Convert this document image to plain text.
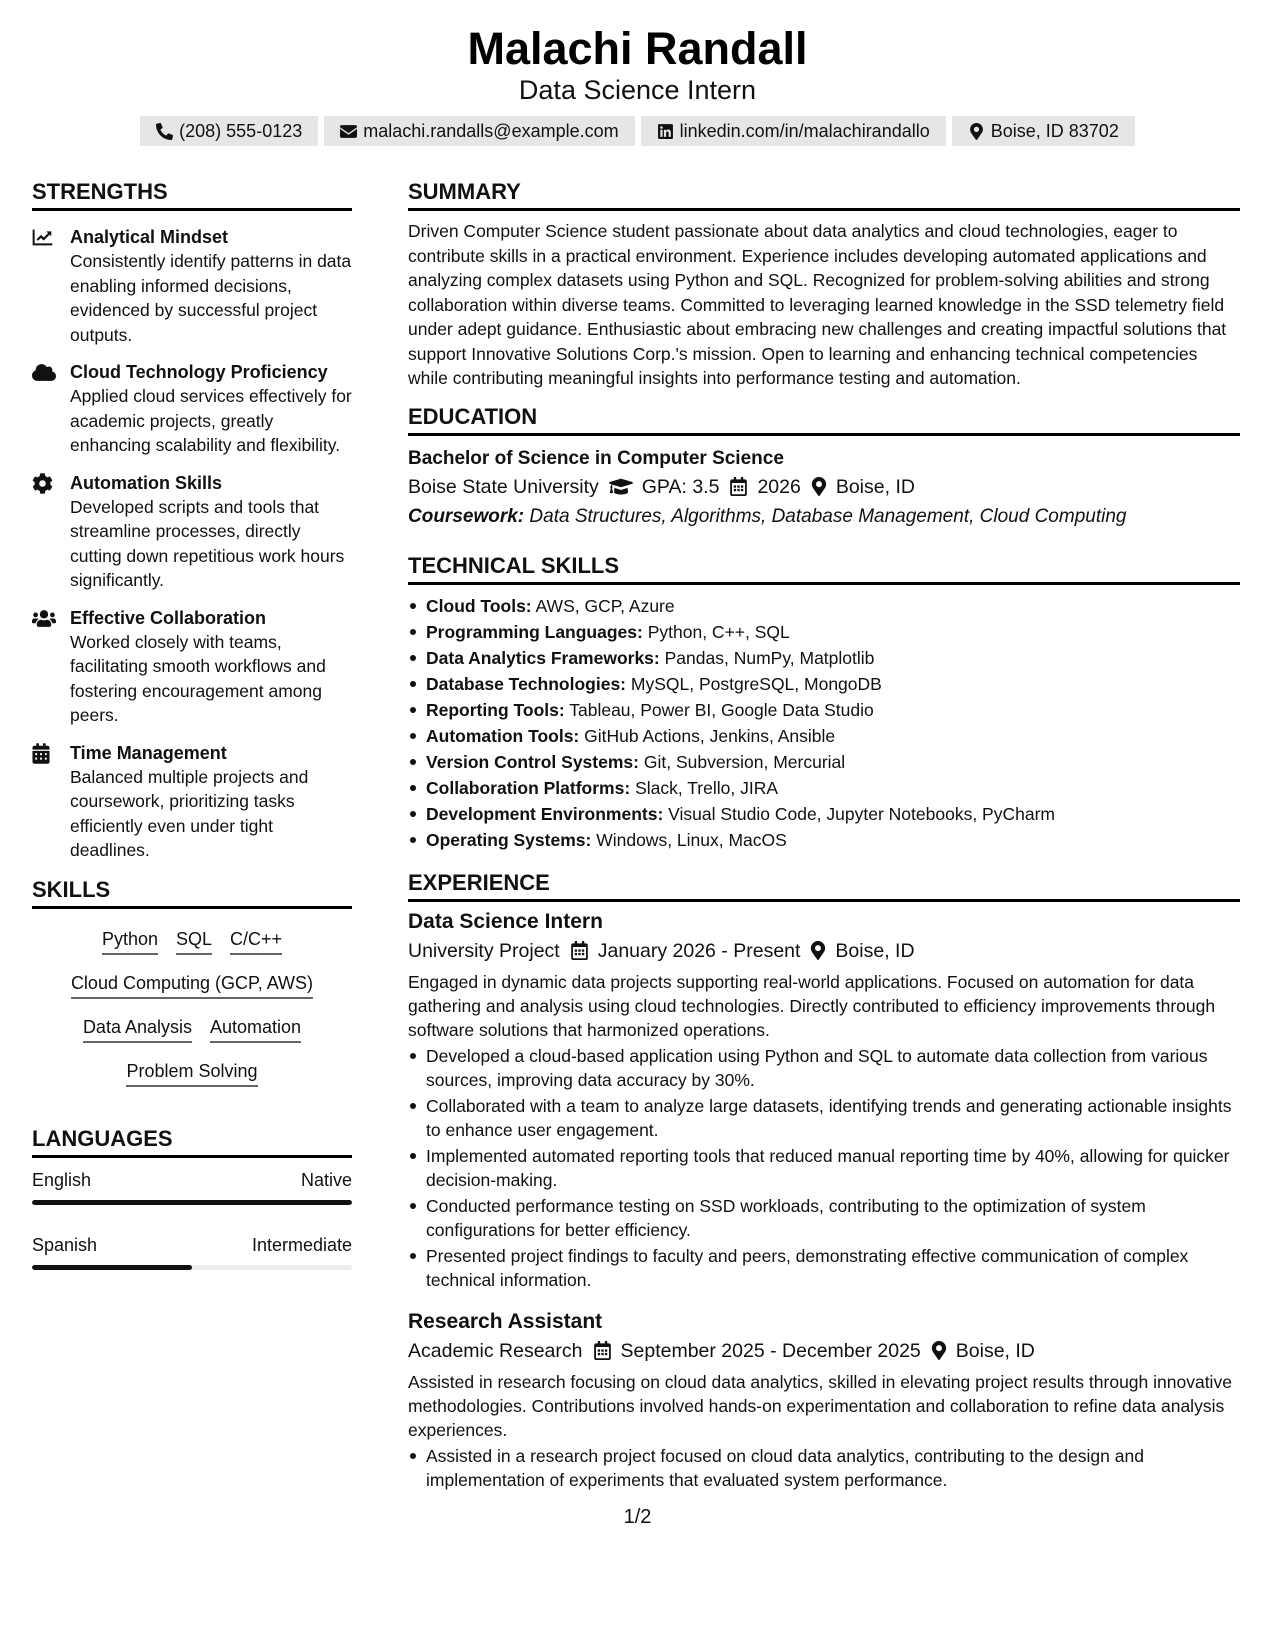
Malachi Randall
Data Science Intern
(208) 555-0123	malachi.randalls@example.com	linkedin.com/in/malachirandallo	Boise, ID 83702
STRENGTHS
Analytical Mindset
Consistently identify patterns in data enabling informed decisions, evidenced by successful project outputs.
Cloud Technology Proficiency
Applied cloud services effectively for academic projects, greatly enhancing scalability and flexibility.
Automation Skills
Developed scripts and tools that streamline processes, directly cutting down repetitious work hours significantly.
Effective Collaboration
Worked closely with teams, facilitating smooth workflows and fostering encouragement among peers.
Time Management
Balanced multiple projects and coursework, prioritizing tasks efficiently even under tight deadlines.
SKILLS
Python SQL C/C++
Cloud Computing (GCP, AWS)
Data Analysis Automation
Problem Solving
LANGUAGES
English	Native
Spanish	Intermediate
SUMMARY
Driven Computer Science student passionate about data analytics and cloud technologies, eager to contribute skills in a practical environment. Experience includes developing automated applications and analyzing complex datasets using Python and SQL. Recognized for problem-solving abilities and strong collaboration within diverse teams. Committed to leveraging learned knowledge in the SSD telemetry field under adept guidance. Enthusiastic about embracing new challenges and creating impactful solutions that support Innovative Solutions Corp.'s mission. Open to learning and enhancing technical competencies while contributing meaningful insights into performance testing and automation.
EDUCATION
Bachelor of Science in Computer Science
Boise State University GPA: 3.5 2026 Boise, ID
Coursework: Data Structures, Algorithms, Database Management, Cloud Computing
TECHNICAL SKILLS
Cloud Tools: AWS, GCP, Azure
Programming Languages: Python, C++, SQL
Data Analytics Frameworks: Pandas, NumPy, Matplotlib
Database Technologies: MySQL, PostgreSQL, MongoDB
Reporting Tools: Tableau, Power BI, Google Data Studio
Automation Tools: GitHub Actions, Jenkins, Ansible
Version Control Systems: Git, Subversion, Mercurial
Collaboration Platforms: Slack, Trello, JIRA
Development Environments: Visual Studio Code, Jupyter Notebooks, PyCharm
Operating Systems: Windows, Linux, MacOS
EXPERIENCE
Data Science Intern
University Project January 2026 - Present Boise, ID
Engaged in dynamic data projects supporting real-world applications. Focused on automation for data gathering and analysis using cloud technologies. Directly contributed to efficiency improvements through software solutions that harmonized operations.
Developed a cloud-based application using Python and SQL to automate data collection from various sources, improving data accuracy by 30%.
Collaborated with a team to analyze large datasets, identifying trends and generating actionable insights to enhance user engagement.
Implemented automated reporting tools that reduced manual reporting time by 40%, allowing for quicker decision-making.
Conducted performance testing on SSD workloads, contributing to the optimization of system configurations for better efficiency.
Presented project findings to faculty and peers, demonstrating effective communication of complex technical information.
Research Assistant
Academic Research September 2025 - December 2025 Boise, ID
Assisted in research focusing on cloud data analytics, skilled in elevating project results through innovative methodologies. Contributions involved hands-on experimentation and collaboration to refine data analysis experiences.
Assisted in a research project focused on cloud data analytics, contributing to the design and implementation of experiments that evaluated system performance.
1/2
